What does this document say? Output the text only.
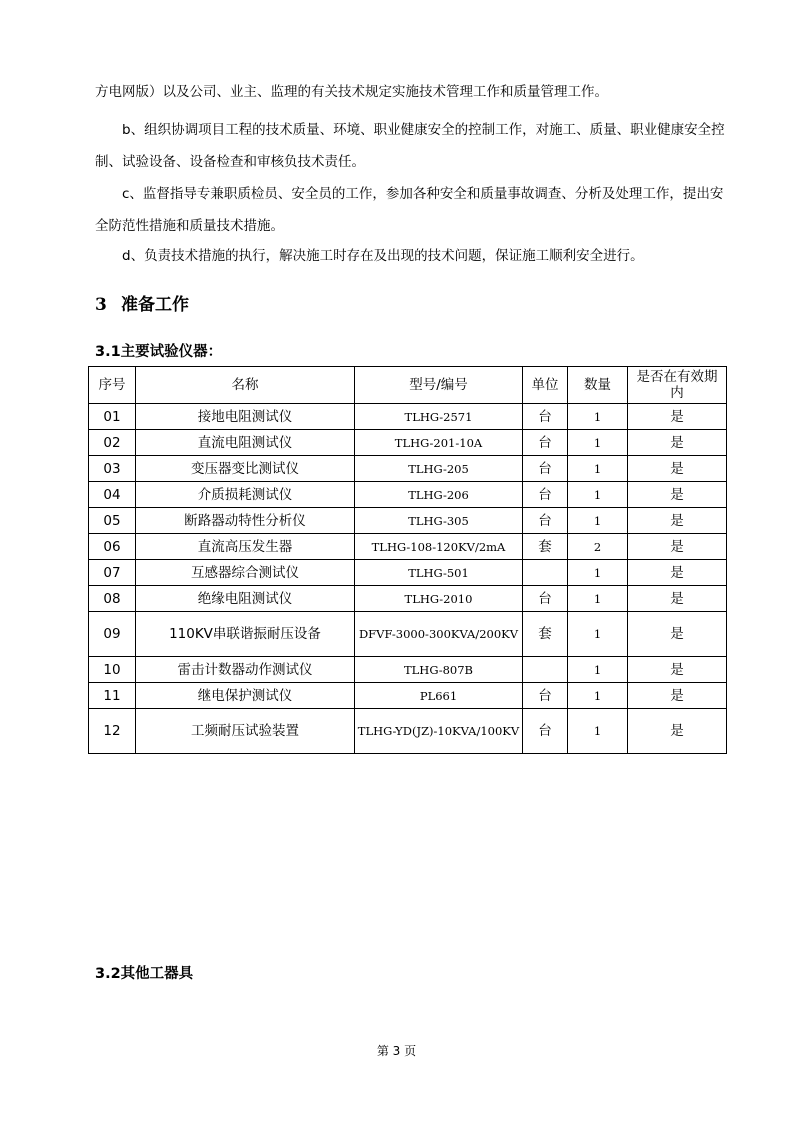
方电网版）以及公司、业主、监理的有关技术规定实施技术管理工作和质量管理工作。

b、组织协调项目工程的技术质量、环境、职业健康安全的控制工作，对施工、质量、职业健康安全控制、试验设备、设备检查和审核负技术责任。

c、监督指导专兼职质检员、安全员的工作，参加各种安全和质量事故调查、分析及处理工作，提出安全防范性措施和质量技术措施。

d、负责技术措施的执行，解决施工时存在及出现的技术问题，保证施工顺利安全进行。

3 准备工作
3.1主要试验仪器：
序号	名称	型号/编号	单位	数量	是否在有效期内
01	接地电阻测试仪	TLHG-2571	台	1	是
02	直流电阻测试仪	TLHG-201-10A	台	1	是
03	变压器变比测试仪	TLHG-205	台	1	是
04	介质损耗测试仪	TLHG-206	台	1	是
05	断路器动特性分析仪	TLHG-305	台	1	是
06	直流高压发生器	TLHG-108-120KV/2mA	套	2	是
07	互感器综合测试仪	TLHG-501		1	是
08	绝缘电阻测试仪	TLHG-2010	台	1	是
09	110KV串联谐振耐压设备	DFVF-3000-300KVA/200KV	套	1	是
10	雷击计数器动作测试仪	TLHG-807B		1	是
11	继电保护测试仪	PL661	台	1	是
12	工频耐压试验装置	TLHG-YD(JZ)-10KVA/100KV	台	1	是
3.2其他工器具
第 3 页
